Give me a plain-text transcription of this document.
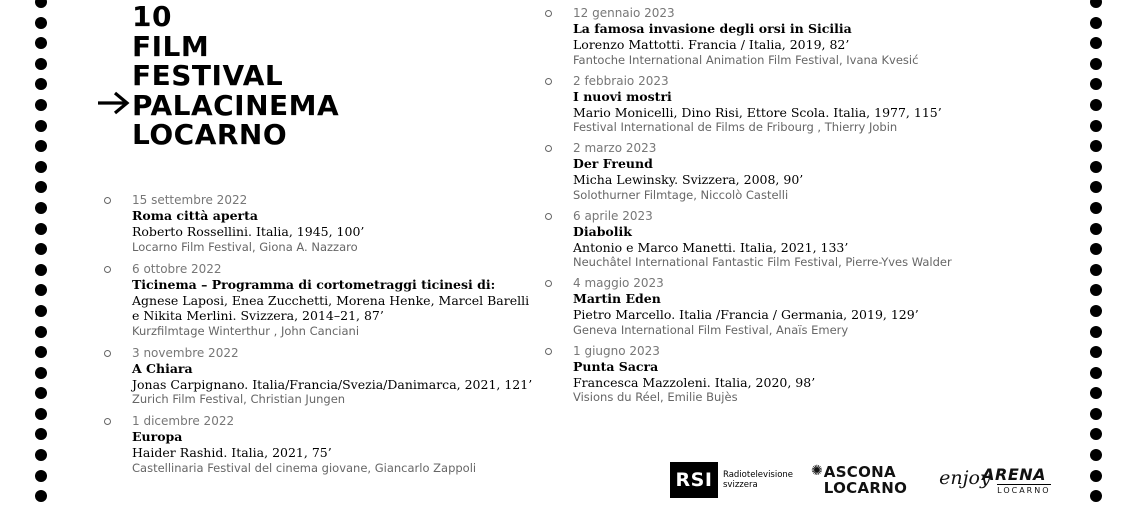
10
FILM
FESTIVAL
PALACINEMA
LOCARNO
15 settembre 2022
Roma città aperta
Roberto Rossellini. Italia, 1945, 100’
Locarno Film Festival, Giona A. Nazzaro
6 ottobre 2022
Ticinema – Programma di cortometraggi ticinesi di:
Agnese Laposi, Enea Zucchetti, Morena Henke, Marcel Barelli
e Nikita Merlini. Svizzera, 2014–21, 87’
Kurzfilmtage Winterthur , John Canciani
3 novembre 2022
A Chiara
Jonas Carpignano. Italia/Francia/Svezia/Danimarca, 2021, 121’
Zurich Film Festival, Christian Jungen
1 dicembre 2022
Europa
Haider Rashid. Italia, 2021, 75’
Castellinaria Festival del cinema giovane, Giancarlo Zappoli
12 gennaio 2023
La famosa invasione degli orsi in Sicilia
Lorenzo Mattotti. Francia / Italia, 2019, 82’
Fantoche International Animation Film Festival, Ivana Kvesić
2 febbraio 2023
I nuovi mostri
Mario Monicelli, Dino Risi, Ettore Scola. Italia, 1977, 115’
Festival International de Films de Fribourg , Thierry Jobin
2 marzo 2023
Der Freund
Micha Lewinsky. Svizzera, 2008, 90’
Solothurner Filmtage, Niccolò Castelli
6 aprile 2023
Diabolik
Antonio e Marco Manetti. Italia, 2021, 133’
Neuchâtel International Fantastic Film Festival, Pierre-Yves Walder
4 maggio 2023
Martin Eden
Pietro Marcello. Italia /Francia / Germania, 2019, 129’
Geneva International Film Festival, Anaïs Emery
1 giugno 2023
Punta Sacra
Francesca Mazzoleni. Italia, 2020, 98’
Visions du Réel, Emilie Bujès
RSI	Radiotelevisione
svizzera
✺ ASCONA
LOCARNO enjoy
ARENA
LOCARNO
